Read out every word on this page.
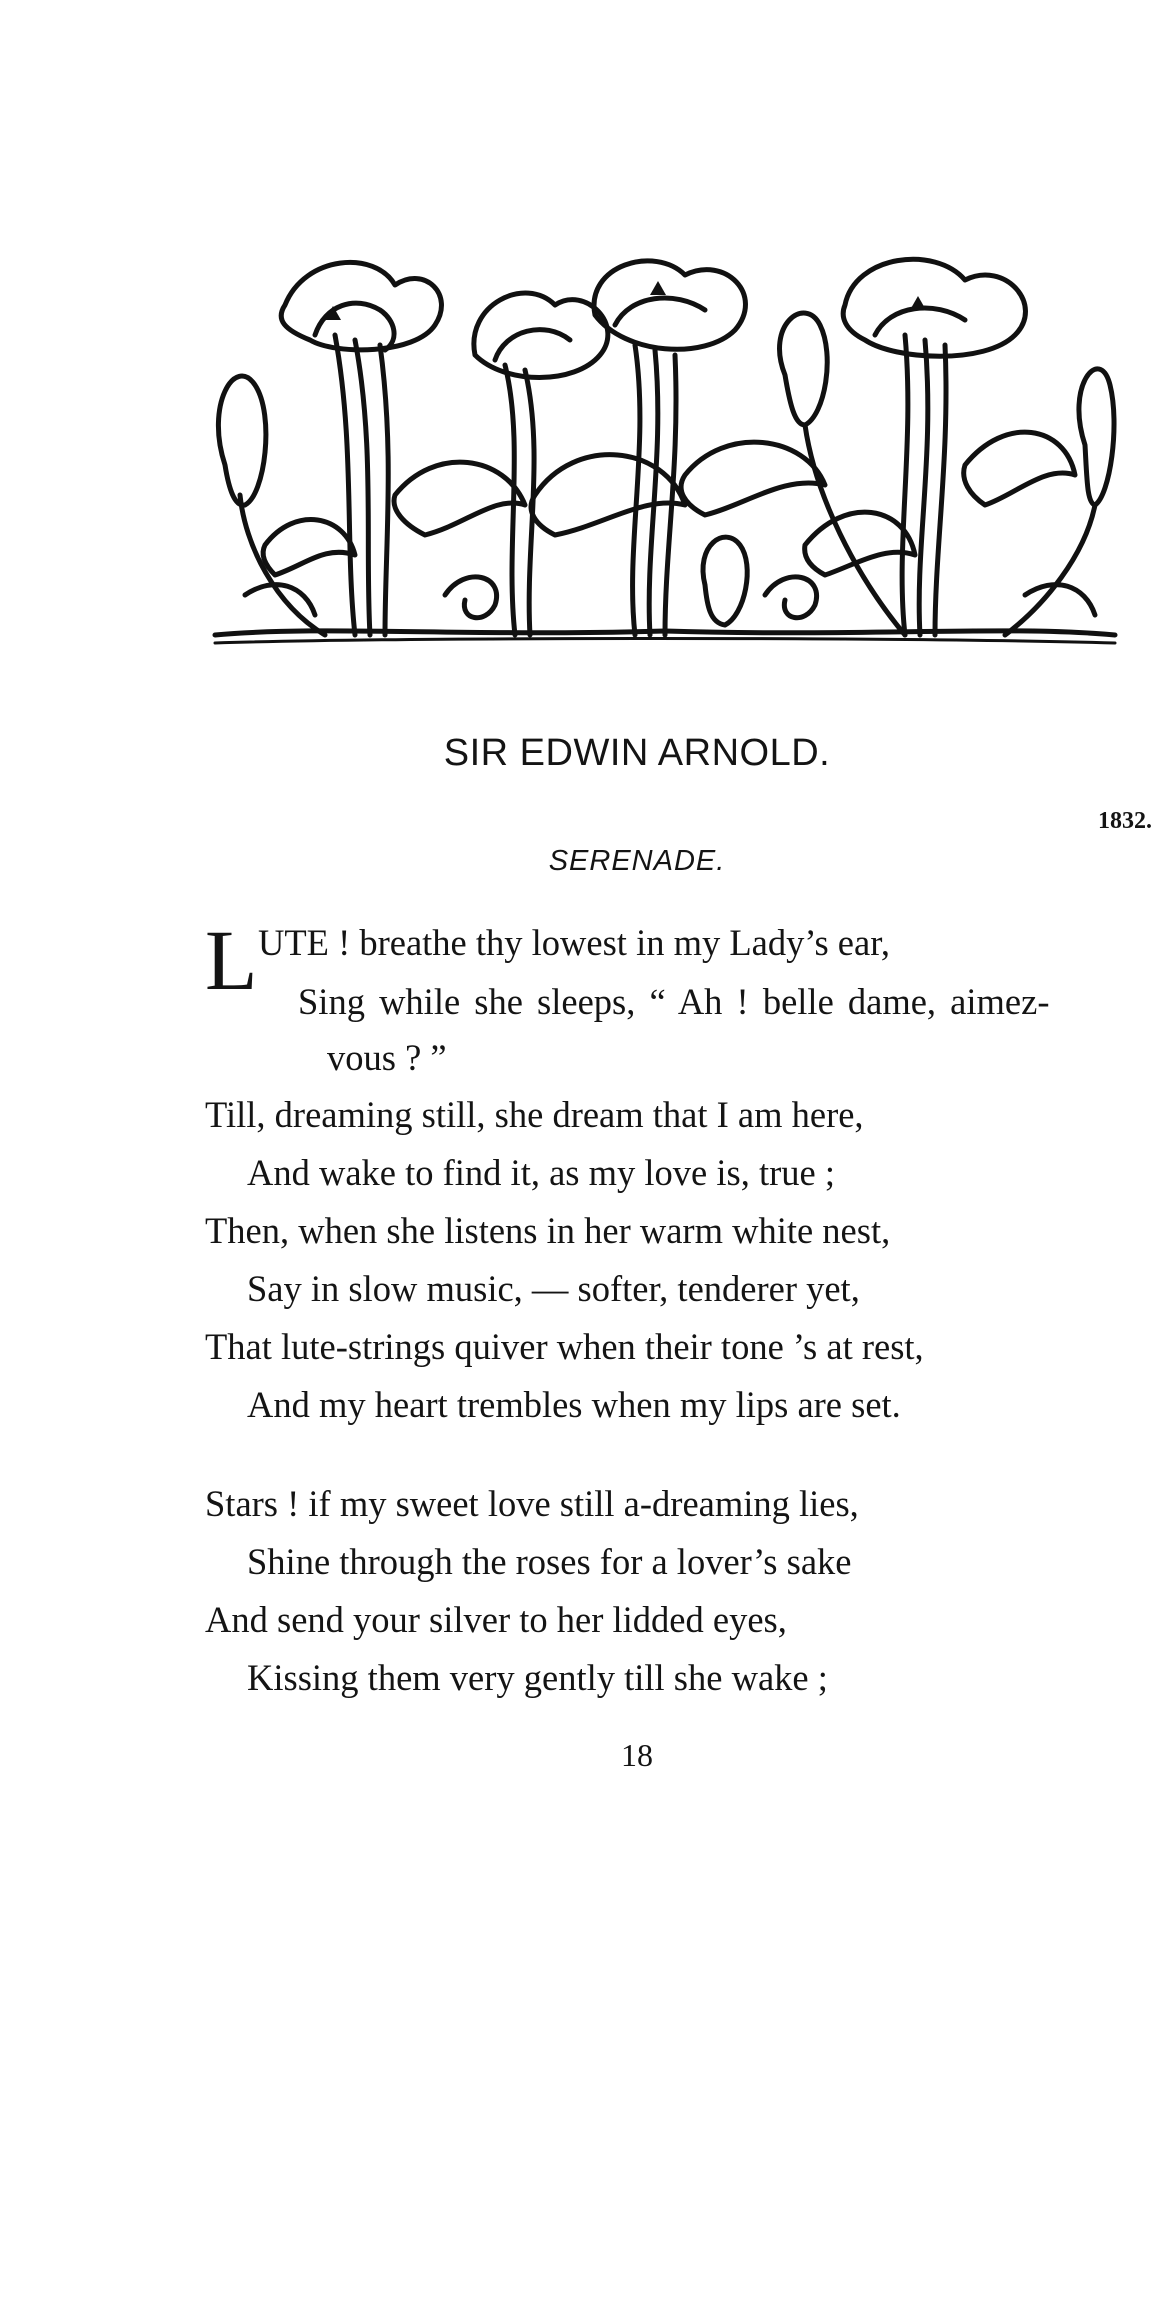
SIR EDWIN ARNOLD.
1832.
SERENADE.
L UTE ! breathe thy lowest in my Lady’s ear,
Sing while she sleeps, “ Ah ! belle dame, aimez-
vous ? ”
Till, dreaming still, she dream that I am here,
And wake to find it, as my love is, true ;
Then, when she listens in her warm white nest,
Say in slow music, — softer, tenderer yet,
That lute-strings quiver when their tone ’s at rest,
And my heart trembles when my lips are set.
Stars ! if my sweet love still a-dreaming lies,
Shine through the roses for a lover’s sake
And send your silver to her lidded eyes,
Kissing them very gently till she wake ;
18
